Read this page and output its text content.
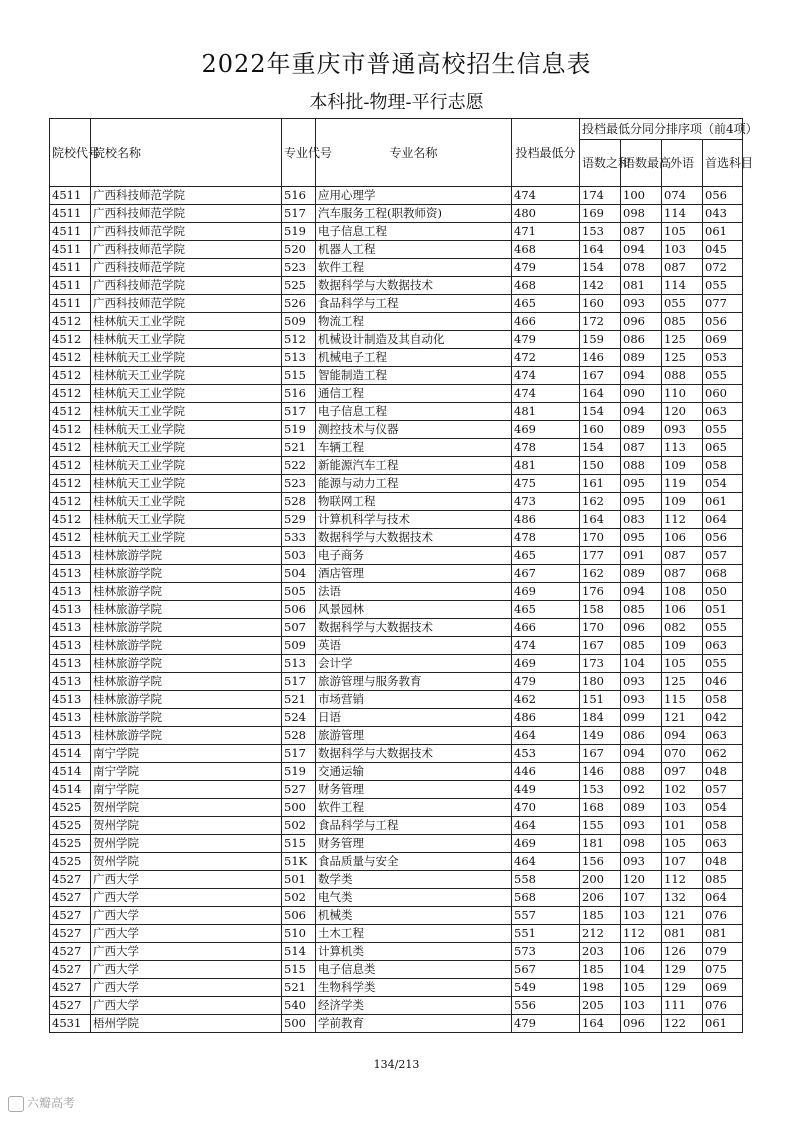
2022年重庆市普通高校招生信息表
本科批-物理-平行志愿
院校代号	院校名称	专业代号	专业名称	投档最低分	投档最低分同分排序项（前4项）			
					语数之和	语数最高	外语	首选科目
4511	广西科技师范学院	516	应用心理学	474	174	100	074	056
4511	广西科技师范学院	517	汽车服务工程(职教师资)	480	169	098	114	043
4511	广西科技师范学院	519	电子信息工程	471	153	087	105	061
4511	广西科技师范学院	520	机器人工程	468	164	094	103	045
4511	广西科技师范学院	523	软件工程	479	154	078	087	072
4511	广西科技师范学院	525	数据科学与大数据技术	468	142	081	114	055
4511	广西科技师范学院	526	食品科学与工程	465	160	093	055	077
4512	桂林航天工业学院	509	物流工程	466	172	096	085	056
4512	桂林航天工业学院	512	机械设计制造及其自动化	479	159	086	125	069
4512	桂林航天工业学院	513	机械电子工程	472	146	089	125	053
4512	桂林航天工业学院	515	智能制造工程	474	167	094	088	055
4512	桂林航天工业学院	516	通信工程	474	164	090	110	060
4512	桂林航天工业学院	517	电子信息工程	481	154	094	120	063
4512	桂林航天工业学院	519	测控技术与仪器	469	160	089	093	055
4512	桂林航天工业学院	521	车辆工程	478	154	087	113	065
4512	桂林航天工业学院	522	新能源汽车工程	481	150	088	109	058
4512	桂林航天工业学院	523	能源与动力工程	475	161	095	119	054
4512	桂林航天工业学院	528	物联网工程	473	162	095	109	061
4512	桂林航天工业学院	529	计算机科学与技术	486	164	083	112	064
4512	桂林航天工业学院	533	数据科学与大数据技术	478	170	095	106	056
4513	桂林旅游学院	503	电子商务	465	177	091	087	057
4513	桂林旅游学院	504	酒店管理	467	162	089	087	068
4513	桂林旅游学院	505	法语	469	176	094	108	050
4513	桂林旅游学院	506	风景园林	465	158	085	106	051
4513	桂林旅游学院	507	数据科学与大数据技术	466	170	096	082	055
4513	桂林旅游学院	509	英语	474	167	085	109	063
4513	桂林旅游学院	513	会计学	469	173	104	105	055
4513	桂林旅游学院	517	旅游管理与服务教育	479	180	093	125	046
4513	桂林旅游学院	521	市场营销	462	151	093	115	058
4513	桂林旅游学院	524	日语	486	184	099	121	042
4513	桂林旅游学院	528	旅游管理	464	149	086	094	063
4514	南宁学院	517	数据科学与大数据技术	453	167	094	070	062
4514	南宁学院	519	交通运输	446	146	088	097	048
4514	南宁学院	527	财务管理	449	153	092	102	057
4525	贺州学院	500	软件工程	470	168	089	103	054
4525	贺州学院	502	食品科学与工程	464	155	093	101	058
4525	贺州学院	515	财务管理	469	181	098	105	063
4525	贺州学院	51K	食品质量与安全	464	156	093	107	048
4527	广西大学	501	数学类	558	200	120	112	085
4527	广西大学	502	电气类	568	206	107	132	064
4527	广西大学	506	机械类	557	185	103	121	076
4527	广西大学	510	土木工程	551	212	112	081	081
4527	广西大学	514	计算机类	573	203	106	126	079
4527	广西大学	515	电子信息类	567	185	104	129	075
4527	广西大学	521	生物科学类	549	198	105	129	069
4527	广西大学	540	经济学类	556	205	103	111	076
4531	梧州学院	500	学前教育	479	164	096	122	061
134/213
六瓣高考
